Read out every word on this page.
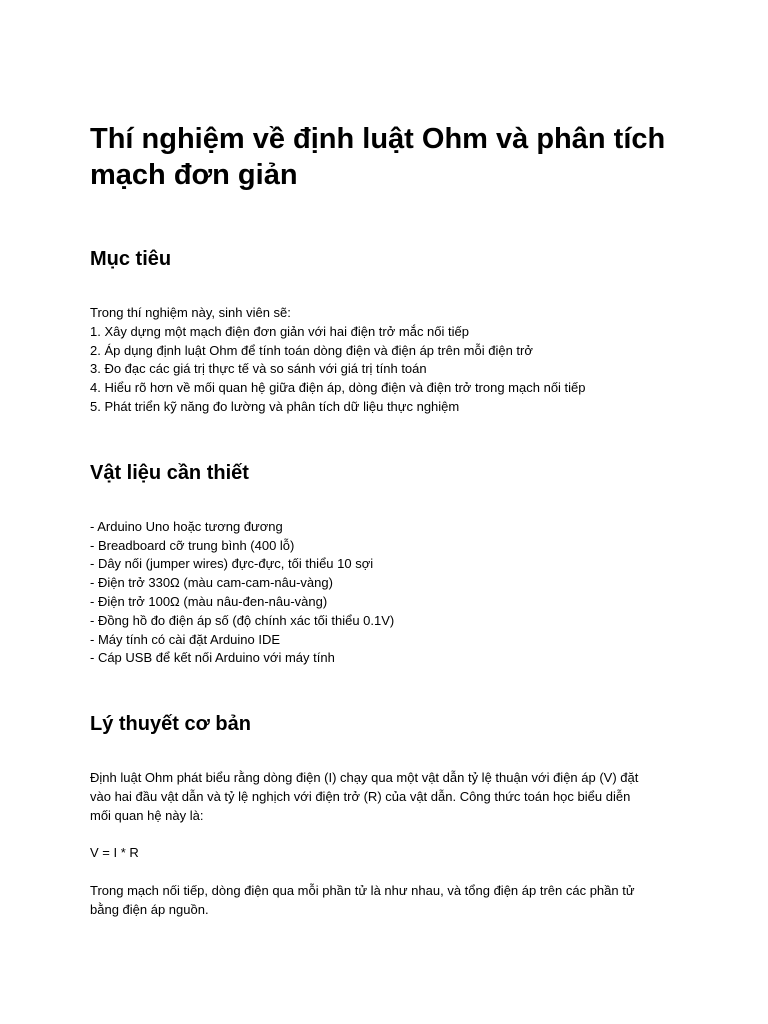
Thí nghiệm về định luật Ohm và phân tích mạch đơn giản
Mục tiêu

Trong thí nghiệm này, sinh viên sẽ:

1. Xây dựng một mạch điện đơn giản với hai điện trở mắc nối tiếp

2. Áp dụng định luật Ohm để tính toán dòng điện và điện áp trên mỗi điện trở

3. Đo đạc các giá trị thực tế và so sánh với giá trị tính toán

4. Hiểu rõ hơn về mối quan hệ giữa điện áp, dòng điện và điện trở trong mạch nối tiếp

5. Phát triển kỹ năng đo lường và phân tích dữ liệu thực nghiệm

Vật liệu cần thiết

- Arduino Uno hoặc tương đương

- Breadboard cỡ trung bình (400 lỗ)

- Dây nối (jumper wires) đực-đực, tối thiểu 10 sợi

- Điện trở 330Ω (màu cam-cam-nâu-vàng)

- Điện trở 100Ω (màu nâu-đen-nâu-vàng)

- Đồng hồ đo điện áp số (độ chính xác tối thiểu 0.1V)

- Máy tính có cài đặt Arduino IDE

- Cáp USB để kết nối Arduino với máy tính

Lý thuyết cơ bản

Định luật Ohm phát biểu rằng dòng điện (I) chạy qua một vật dẫn tỷ lệ thuận với điện áp (V) đặt

vào hai đầu vật dẫn và tỷ lệ nghịch với điện trở (R) của vật dẫn. Công thức toán học biểu diễn

mối quan hệ này là:

V = I * R

Trong mạch nối tiếp, dòng điện qua mỗi phần tử là như nhau, và tổng điện áp trên các phần tử

bằng điện áp nguồn.
